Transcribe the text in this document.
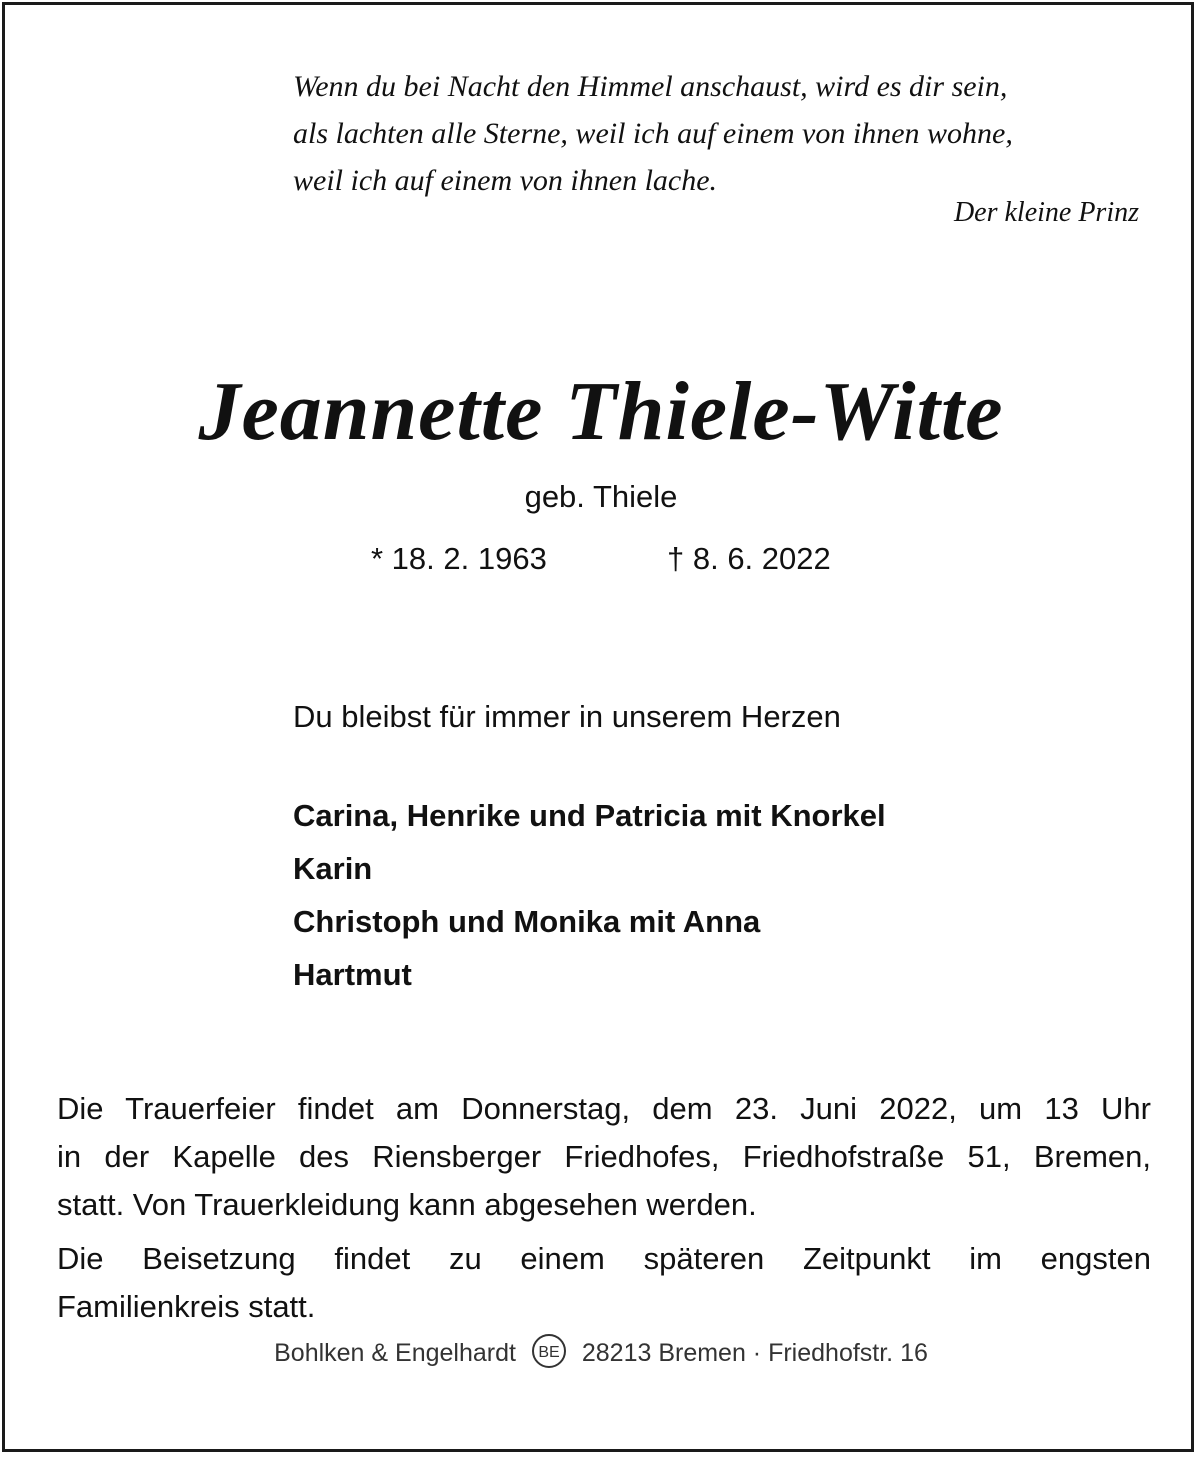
Wenn du bei Nacht den Himmel anschaust, wird es dir sein,
als lachten alle Sterne, weil ich auf einem von ihnen wohne,
weil ich auf einem von ihnen lache.
Der kleine Prinz
Jeannette Thiele-Witte
geb. Thiele
* 18. 2. 1963	† 8. 6. 2022
Du bleibst für immer in unserem Herzen
Carina, Henrike und Patricia mit Knorkel
Karin
Christoph und Monika mit Anna
Hartmut
Die Trauerfeier findet am Donnerstag, dem 23. Juni 2022, um 13 Uhr
in der Kapelle des Riensberger Friedhofes, Friedhofstraße 51, Bremen,
statt. Von Trauerkleidung kann abgesehen werden.
Die Beisetzung findet zu einem späteren Zeitpunkt im engsten
Familienkreis statt.
Bohlken & Engelhardt BE 28213 Bremen · Friedhofstr. 16
